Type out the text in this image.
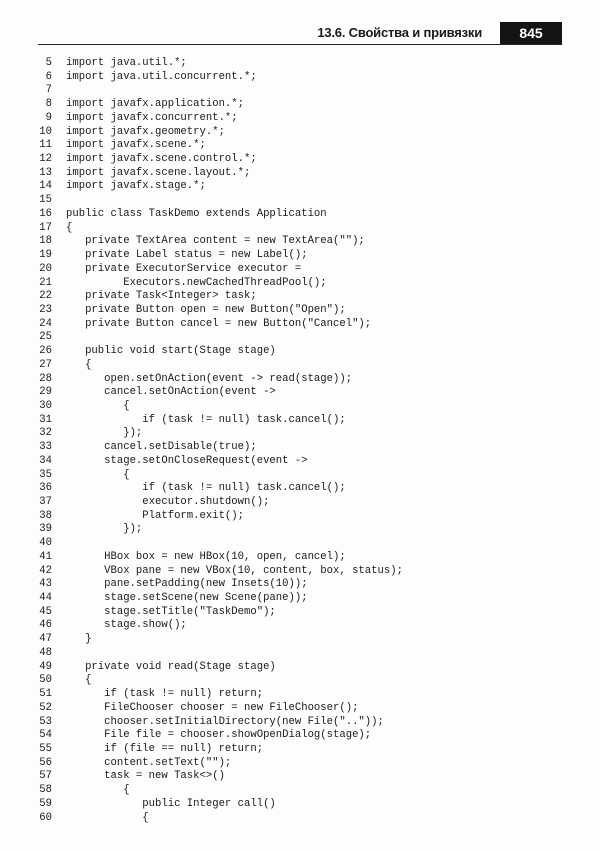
13.6. Свойства и привязки	845
5	import java.util.*;
6	import java.util.concurrent.*;
7
8	import javafx.application.*;
9	import javafx.concurrent.*;
10	import javafx.geometry.*;
11	import javafx.scene.*;
12	import javafx.scene.control.*;
13	import javafx.scene.layout.*;
14	import javafx.stage.*;
15
16	public class TaskDemo extends Application
17	{
18	private TextArea content = new TextArea("");
19	private Label status = new Label();
20	private ExecutorService executor =
21	Executors.newCachedThreadPool();
22	private Task<Integer> task;
23	private Button open = new Button("Open");
24	private Button cancel = new Button("Cancel");
25
26	public void start(Stage stage)
27	{
28	open.setOnAction(event -> read(stage));
29	cancel.setOnAction(event ->
30	{
31	if (task != null) task.cancel();
32	});
33	cancel.setDisable(true);
34	stage.setOnCloseRequest(event ->
35	{
36	if (task != null) task.cancel();
37	executor.shutdown();
38	Platform.exit();
39	});
40
41	HBox box = new HBox(10, open, cancel);
42	VBox pane = new VBox(10, content, box, status);
43	pane.setPadding(new Insets(10));
44	stage.setScene(new Scene(pane));
45	stage.setTitle("TaskDemo");
46	stage.show();
47	}
48
49	private void read(Stage stage)
50	{
51	if (task != null) return;
52	FileChooser chooser = new FileChooser();
53	chooser.setInitialDirectory(new File(".."));
54	File file = chooser.showOpenDialog(stage);
55	if (file == null) return;
56	content.setText("");
57	task = new Task<>()
58	{
59	public Integer call()
60	{
